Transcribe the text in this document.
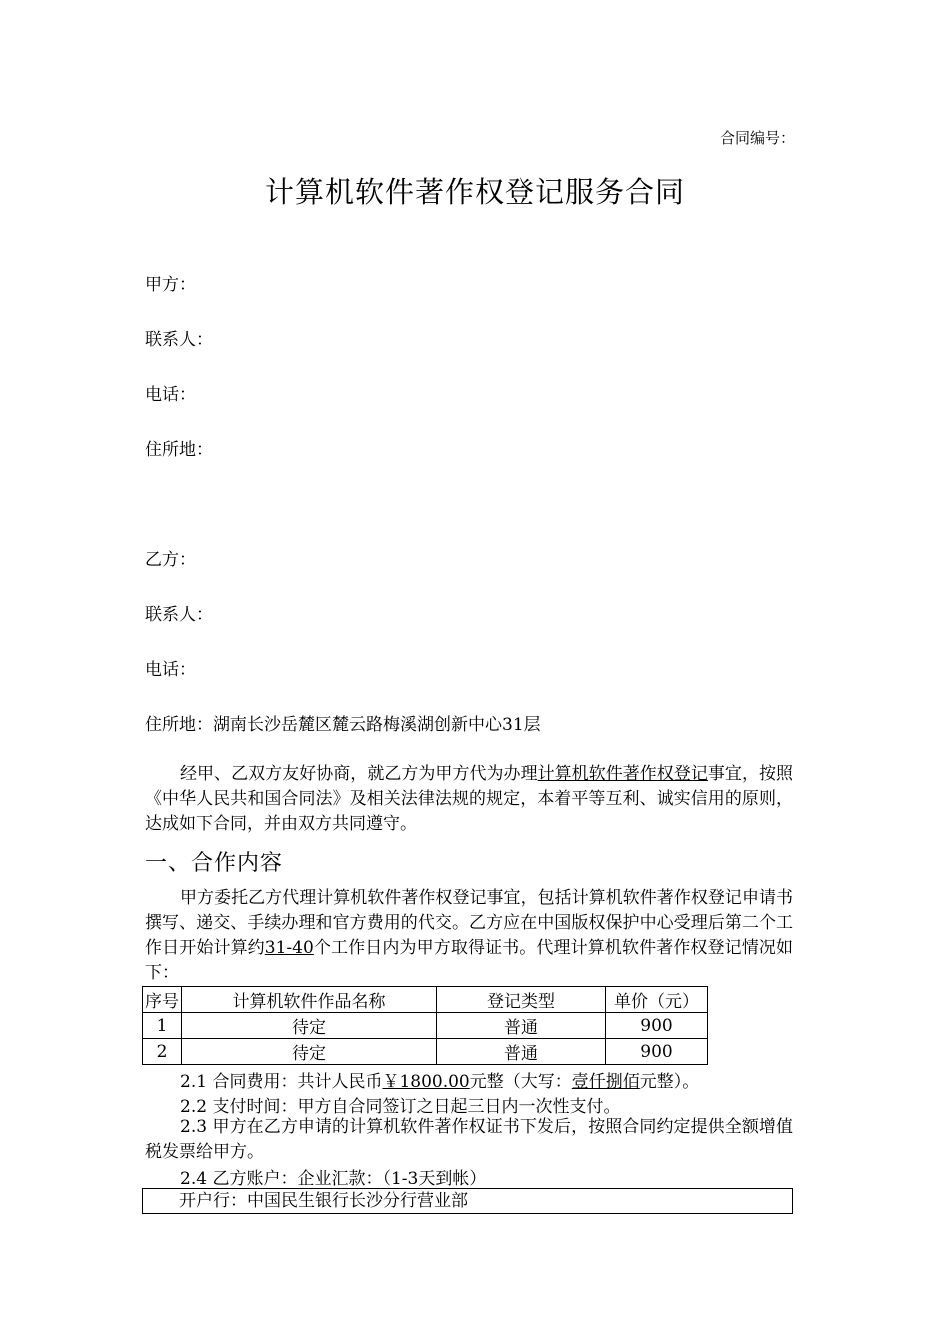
合同编号：
计算机软件著作权登记服务合同
甲方：
联系人：
电话：
住所地：
乙方：
联系人：
电话：
住所地：湖南长沙岳麓区麓云路梅溪湖创新中心31层
经甲、乙双方友好协商，就乙方为甲方代为办理计算机软件著作权登记事宜，按照《中华人民共和国合同法》及相关法律法规的规定，本着平等互利、诚实信用的原则，达成如下合同，并由双方共同遵守。
一、合作内容
甲方委托乙方代理计算机软件著作权登记事宜，包括计算机软件著作权登记申请书撰写、递交、手续办理和官方费用的代交。乙方应在中国版权保护中心受理后第二个工作日开始计算约31-40个工作日内为甲方取得证书。代理计算机软件著作权登记情况如下：
序号	计算机软件作品名称	登记类型	单价（元）
1	待定	普通	900
2	待定	普通	900
2.1 合同费用：共计人民币￥1800.00元整（大写：壹仟捌佰元整）。
2.2 支付时间：甲方自合同签订之日起三日内一次性支付。
2.3 甲方在乙方申请的计算机软件著作权证书下发后，按照合同约定提供全额增值税发票给甲方。
2.4 乙方账户：企业汇款：（1-3天到帐）
开户行：中国民生银行长沙分行营业部
